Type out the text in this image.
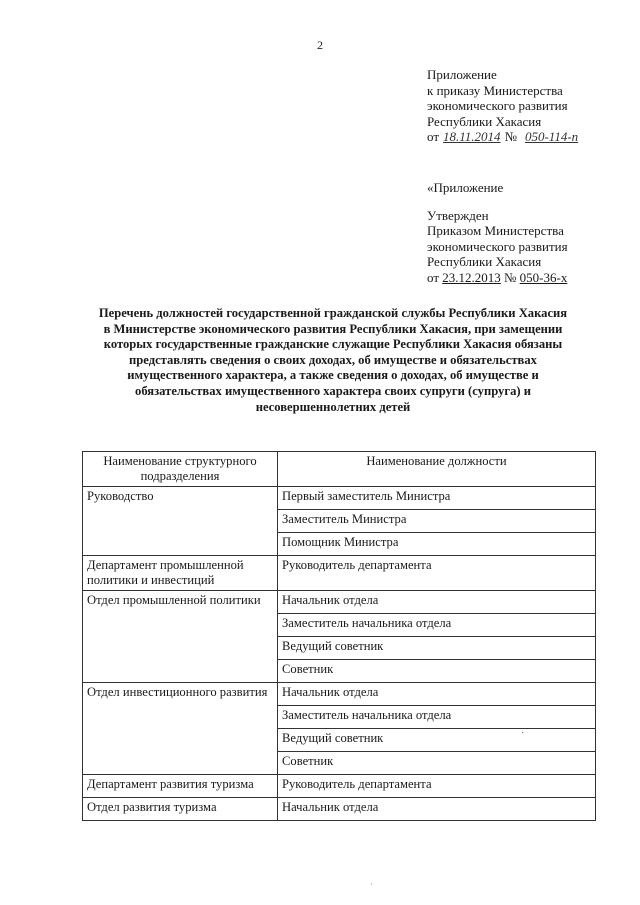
2
Приложение
к приказу Министерства
экономического развития
Республики Хакасия
от 18.11.2014 № 050-114-п
«Приложение
Утвержден
Приказом Министерства
экономического развития
Республики Хакасия
от 23.12.2013 № 050-36-х
Перечень должностей государственной гражданской службы Республики Хакасия в Министерстве экономического развития Республики Хакасия, при замещении которых государственные гражданские служащие Республики Хакасия обязаны представлять сведения о своих доходах, об имуществе и обязательствах имущественного характера, а также сведения о доходах, об имуществе и обязательствах имущественного характера своих супруги (супруга) и несовершеннолетних детей
Наименование структурного подразделения	Наименование должности
Руководство	Первый заместитель Министра
	Заместитель Министра
	Помощник Министра
Департамент промышленной политики и инвестиций	Руководитель департамента
Отдел промышленной политики	Начальник отдела
	Заместитель начальника отдела
	Ведущий советник
	Советник
Отдел инвестиционного развития	Начальник отдела
	Заместитель начальника отдела
	Ведущий советник
	Советник
Департамент развития туризма	Руководитель департамента
Отдел развития туризма	Начальник отдела
˙
·
